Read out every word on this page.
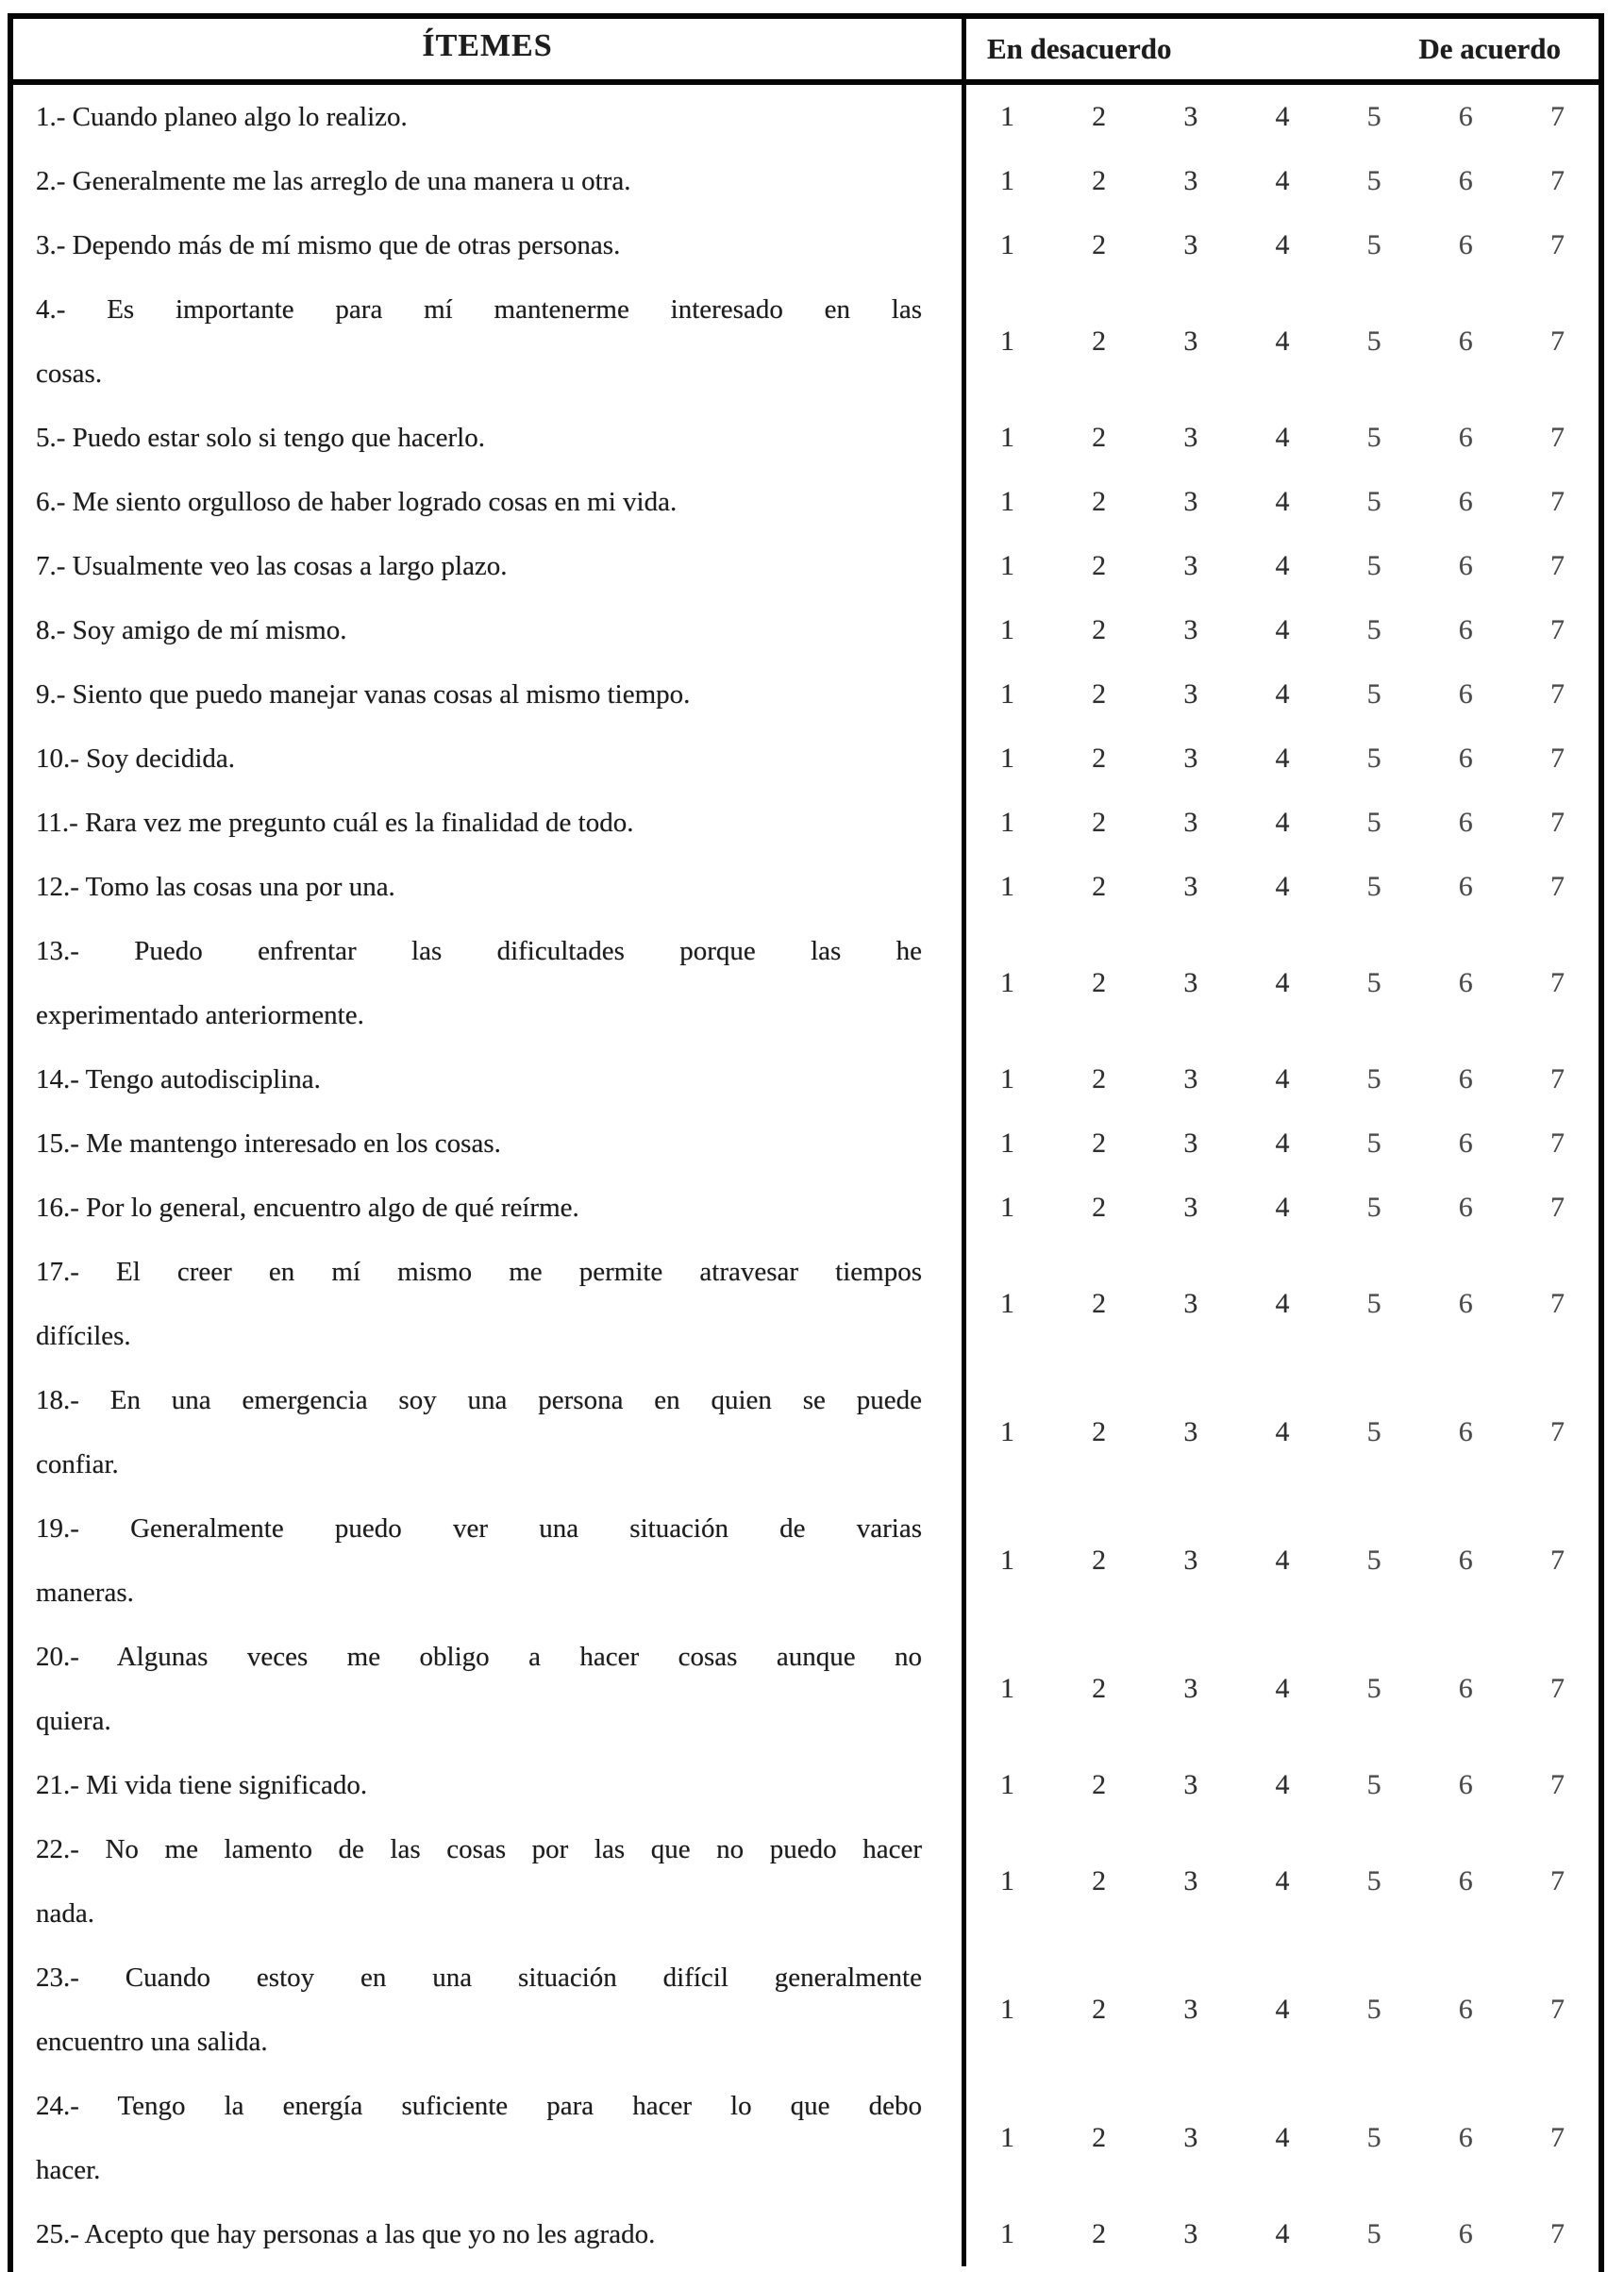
ÍTEMES	En desacuerdo	De acuerdo
1.- Cuando planeo algo lo realizo.	1	2	3	4	5	6	7
2.- Generalmente me las arreglo de una manera u otra.	1	2	3	4	5	6	7
3.- Dependo más de mí mismo que de otras personas.	1	2	3	4	5	6	7
4.- Es importante para mí mantenerme interesado en las
cosas.
1	2	3	4	5	6	7
5.- Puedo estar solo si tengo que hacerlo.	1	2	3	4	5	6	7
6.- Me siento orgulloso de haber logrado cosas en mi vida.	1	2	3	4	5	6	7
7.- Usualmente veo las cosas a largo plazo.	1	2	3	4	5	6	7
8.- Soy amigo de mí mismo.	1	2	3	4	5	6	7
9.- Siento que puedo manejar vanas cosas al mismo tiempo.	1	2	3	4	5	6	7
10.- Soy decidida.	1	2	3	4	5	6	7
11.- Rara vez me pregunto cuál es la finalidad de todo.	1	2	3	4	5	6	7
12.- Tomo las cosas una por una.	1	2	3	4	5	6	7
13.- Puedo enfrentar las dificultades porque las he
experimentado anteriormente.
1	2	3	4	5	6	7
14.- Tengo autodisciplina.	1	2	3	4	5	6	7
15.- Me mantengo interesado en los cosas.	1	2	3	4	5	6	7
16.- Por lo general, encuentro algo de qué reírme.	1	2	3	4	5	6	7
17.- El creer en mí mismo me permite atravesar tiempos
difíciles.
1	2	3	4	5	6	7
18.- En una emergencia soy una persona en quien se puede
confiar.
1	2	3	4	5	6	7
19.- Generalmente puedo ver una situación de varias
maneras.
1	2	3	4	5	6	7
20.- Algunas veces me obligo a hacer cosas aunque no
quiera.
1	2	3	4	5	6	7
21.- Mi vida tiene significado.	1	2	3	4	5	6	7
22.- No me lamento de las cosas por las que no puedo hacer
nada.
1	2	3	4	5	6	7
23.- Cuando estoy en una situación difícil generalmente
encuentro una salida.
1	2	3	4	5	6	7
24.- Tengo la energía suficiente para hacer lo que debo
hacer.
1	2	3	4	5	6	7
25.- Acepto que hay personas a las que yo no les agrado.	1	2	3	4	5	6	7
